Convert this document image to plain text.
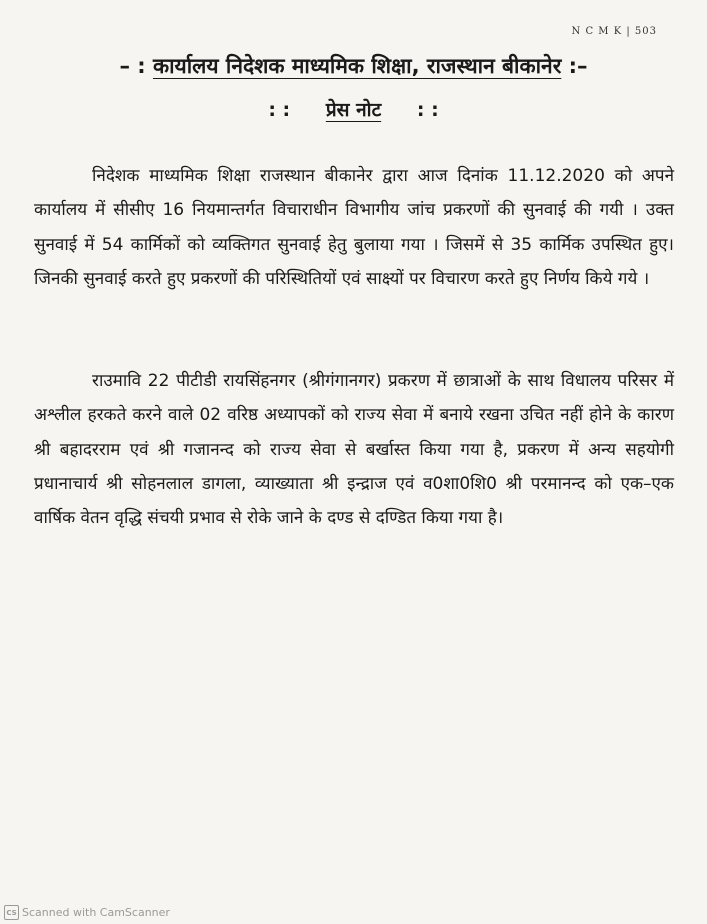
N C M K | 503
– : कार्यालय निदेशक माध्यमिक शिक्षा, राजस्थान बीकानेर :–
: : प्रेस नोट : :

निदेशक माध्यमिक शिक्षा राजस्थान बीकानेर द्वारा आज दिनांक 11.12.2020 को अपने कार्यालय में सीसीए 16 नियमान्तर्गत विचाराधीन विभागीय जांच प्रकरणों की सुनवाई की गयी । उक्त सुनवाई में 54 कार्मिकों को व्यक्तिगत सुनवाई हेतु बुलाया गया । जिसमें से 35 कार्मिक उपस्थित हुए। जिनकी सुनवाई करते हुए प्रकरणों की परिस्थितियों एवं साक्ष्यों पर विचारण करते हुए निर्णय किये गये ।

राउमावि 22 पीटीडी रायसिंहनगर (श्रीगंगानगर) प्रकरण में छात्राओं के साथ विधालय परिसर में अश्लील हरकते करने वाले 02 वरिष्ठ अध्यापकों को राज्य सेवा में बनाये रखना उचित नहीं होने के कारण श्री बहादरराम एवं श्री गजानन्द को राज्य सेवा से बर्खास्त किया गया है, प्रकरण में अन्य सहयोगी प्रधानाचार्य श्री सोहनलाल डागला, व्याख्याता श्री इन्द्राज एवं व0शा0शि0 श्री परमानन्द को एक–एक वार्षिक वेतन वृद्धि संचयी प्रभाव से रोके जाने के दण्ड से दण्डित किया गया है।

CS Scanned with CamScanner
